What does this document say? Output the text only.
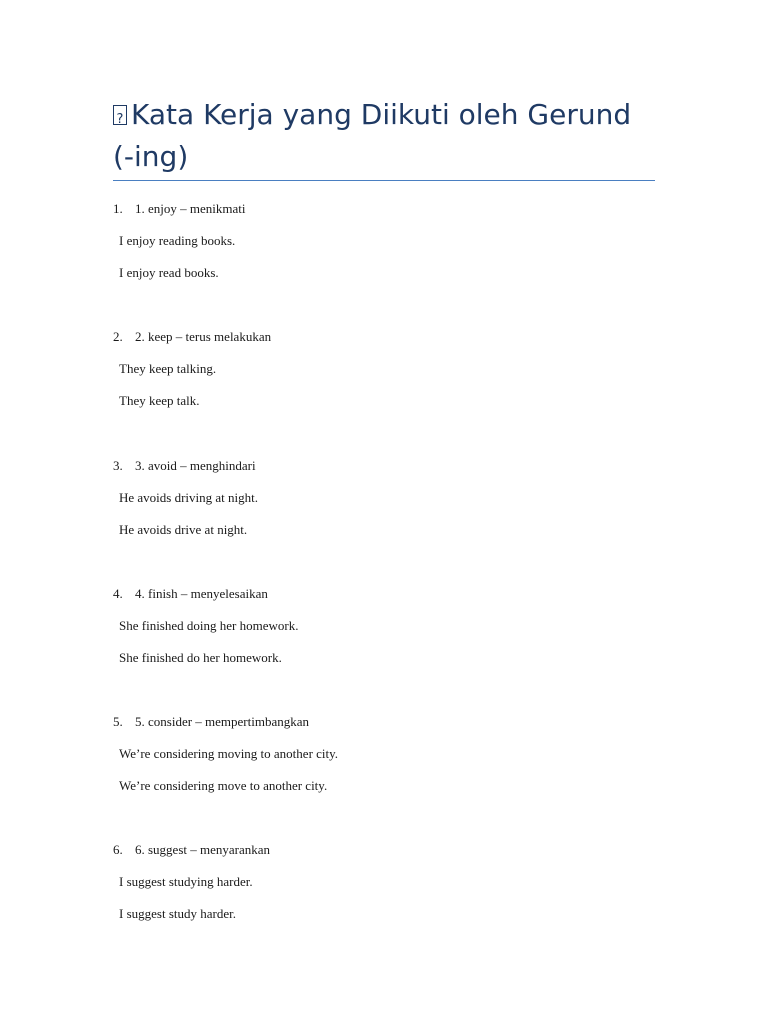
?Kata Kerja yang Diikuti oleh Gerund (-ing)
1. 1. enjoy – menikmati
I enjoy reading books.
I enjoy read books.
2. 2. keep – terus melakukan
They keep talking.
They keep talk.
3. 3. avoid – menghindari
He avoids driving at night.
He avoids drive at night.
4. 4. finish – menyelesaikan
She finished doing her homework.
She finished do her homework.
5. 5. consider – mempertimbangkan
We’re considering moving to another city.
We’re considering move to another city.
6. 6. suggest – menyarankan
I suggest studying harder.
I suggest study harder.
